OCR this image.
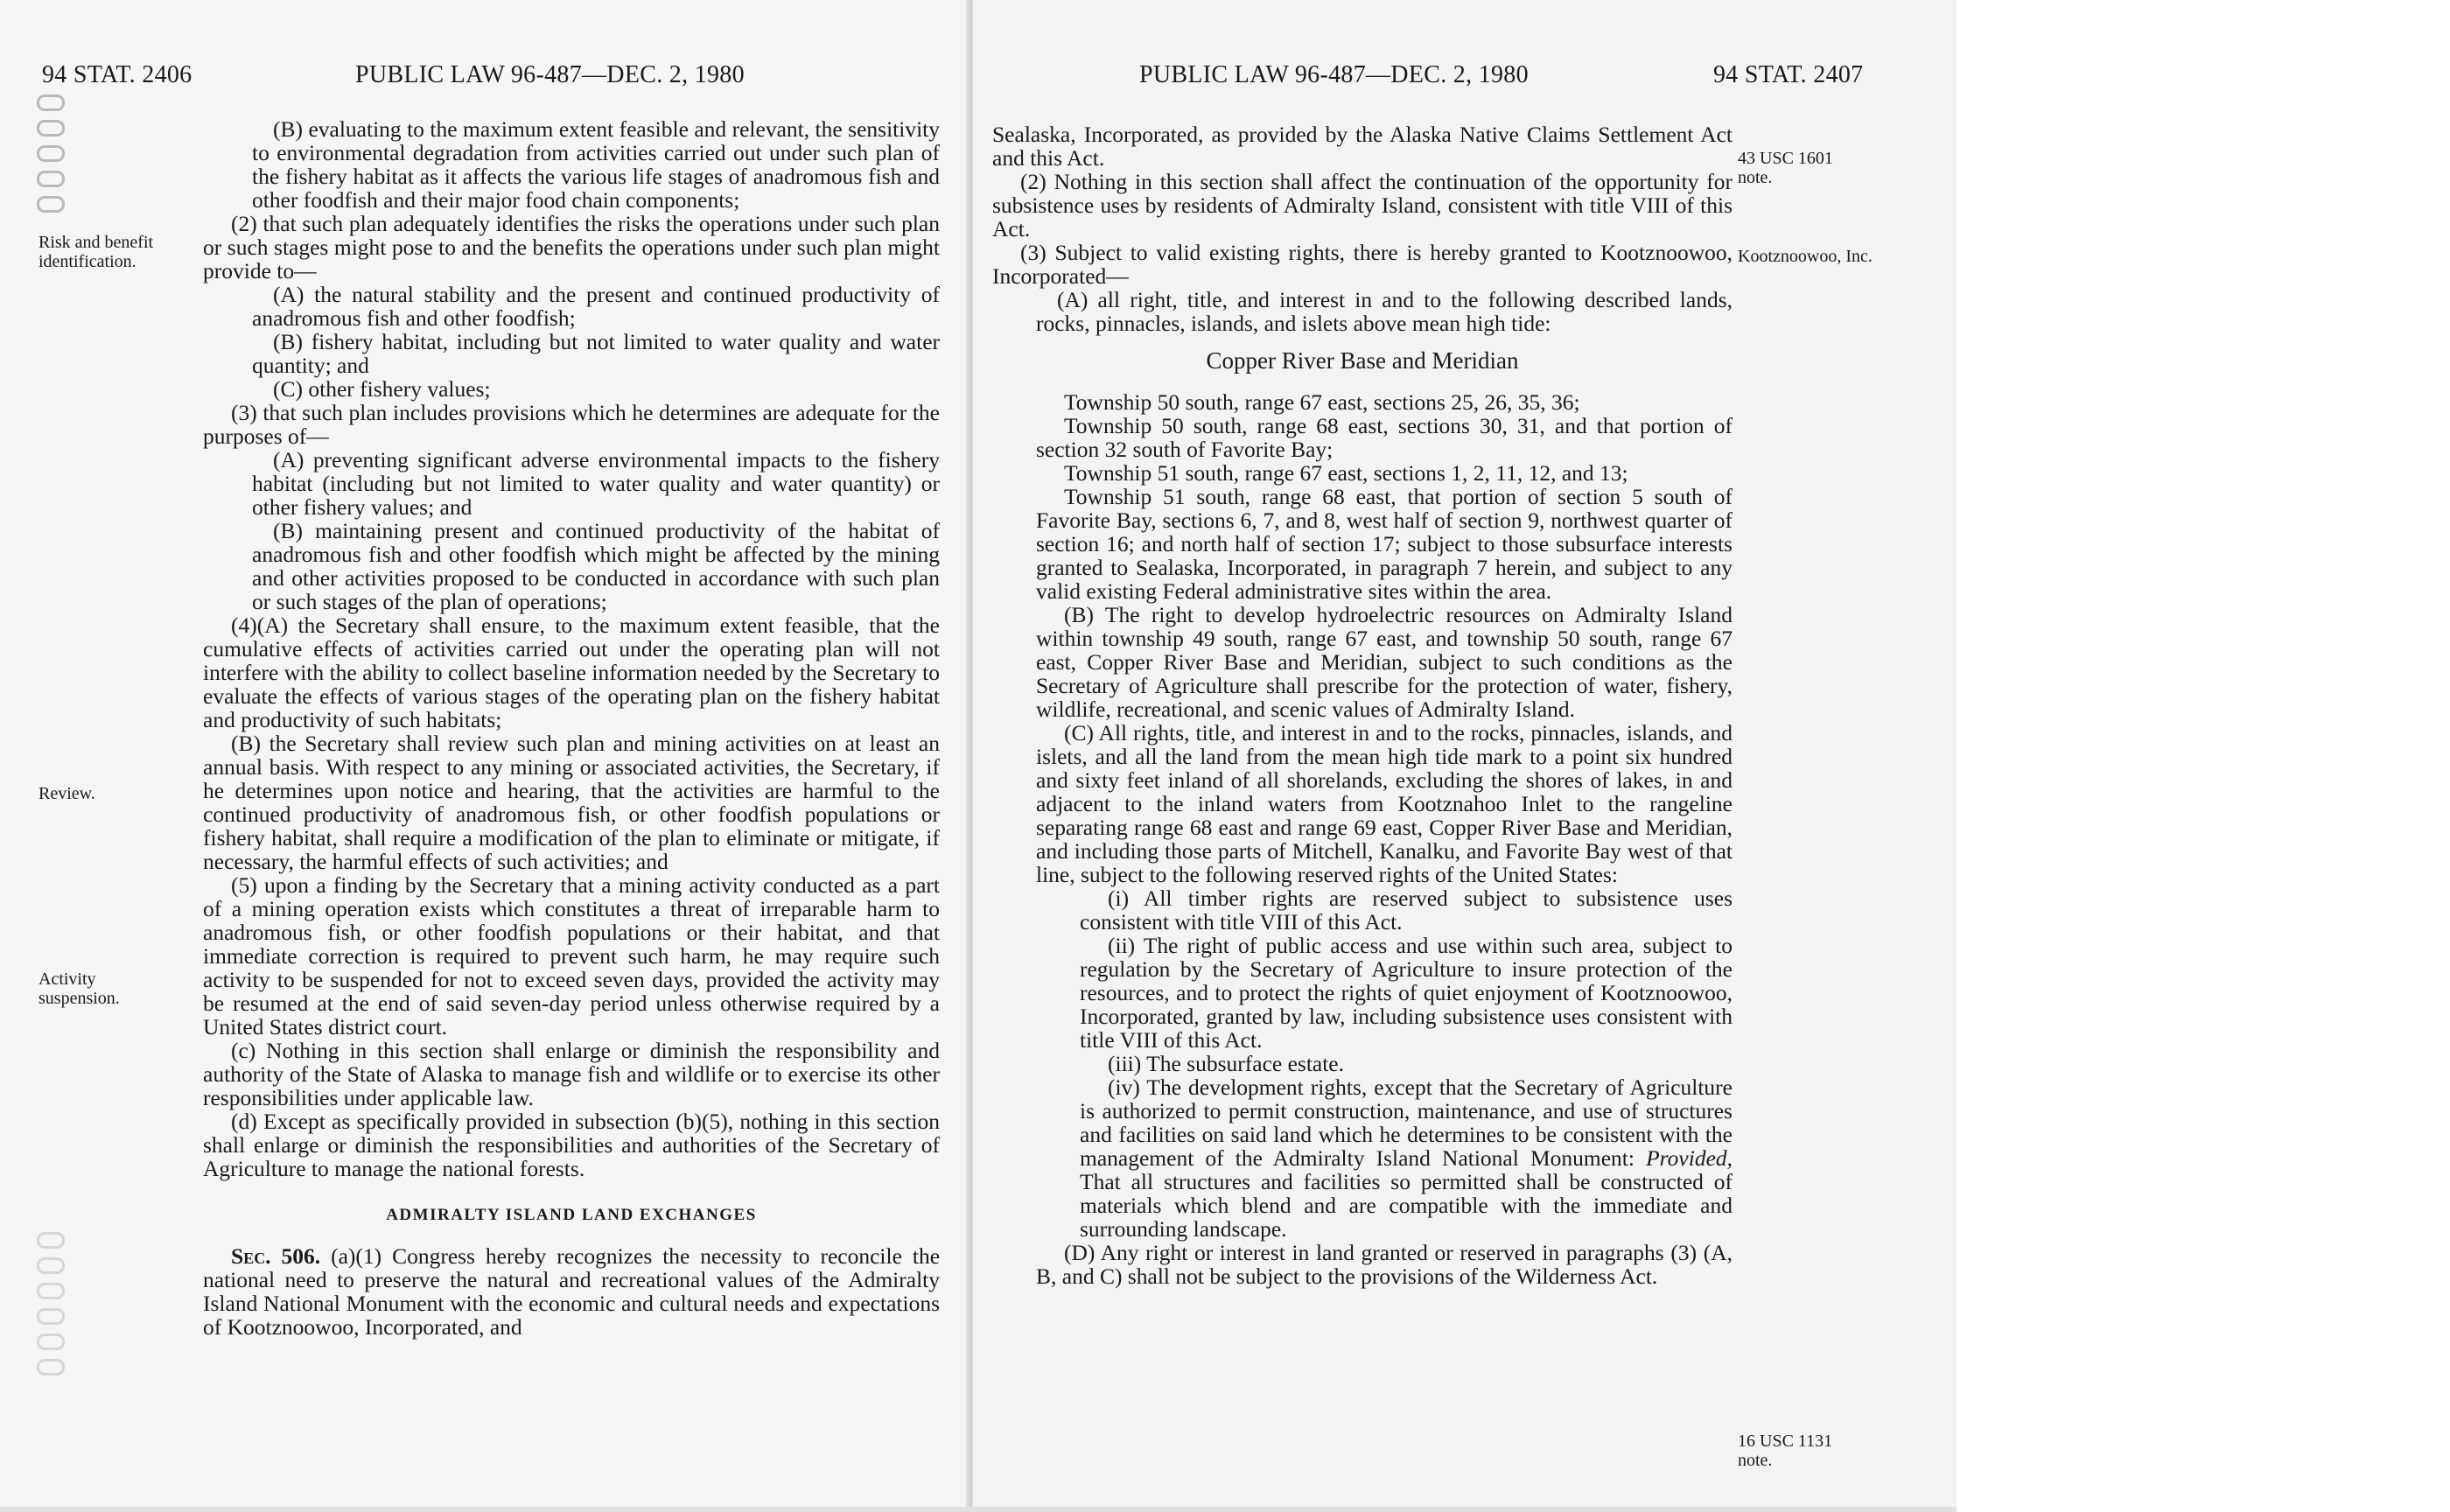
94 STAT. 2406	PUBLIC LAW 96-487—DEC. 2, 1980
Risk and benefit identification.
Review.
Activity suspension.

(B) evaluating to the maximum extent feasible and relevant, the sensitivity to environmental degradation from activities carried out under such plan of the fishery habitat as it affects the various life stages of anadromous fish and other foodfish and their major food chain components;

(2) that such plan adequately identifies the risks the operations under such plan or such stages might pose to and the benefits the operations under such plan might provide to—

(A) the natural stability and the present and continued productivity of anadromous fish and other foodfish;

(B) fishery habitat, including but not limited to water quality and water quantity; and

(C) other fishery values;

(3) that such plan includes provisions which he determines are adequate for the purposes of—

(A) preventing significant adverse environmental impacts to the fishery habitat (including but not limited to water quality and water quantity) or other fishery values; and

(B) maintaining present and continued productivity of the habitat of anadromous fish and other foodfish which might be affected by the mining and other activities proposed to be conducted in accordance with such plan or such stages of the plan of operations;

(4)(A) the Secretary shall ensure, to the maximum extent feasible, that the cumulative effects of activities carried out under the operating plan will not interfere with the ability to collect baseline information needed by the Secretary to evaluate the effects of various stages of the operating plan on the fishery habitat and productivity of such habitats;

(B) the Secretary shall review such plan and mining activities on at least an annual basis. With respect to any mining or associated activities, the Secretary, if he determines upon notice and hearing, that the activities are harmful to the continued productivity of anadromous fish, or other foodfish populations or fishery habitat, shall require a modification of the plan to eliminate or mitigate, if necessary, the harmful effects of such activities; and

(5) upon a finding by the Secretary that a mining activity conducted as a part of a mining operation exists which constitutes a threat of irreparable harm to anadromous fish, or other foodfish populations or their habitat, and that immediate correction is required to prevent such harm, he may require such activity to be suspended for not to exceed seven days, provided the activity may be resumed at the end of said seven-day period unless otherwise required by a United States district court.

(c) Nothing in this section shall enlarge or diminish the responsibility and authority of the State of Alaska to manage fish and wildlife or to exercise its other responsibilities under applicable law.

(d) Except as specifically provided in subsection (b)(5), nothing in this section shall enlarge or diminish the responsibilities and authorities of the Secretary of Agriculture to manage the national forests.

ADMIRALTY ISLAND LAND EXCHANGES

Sec. 506. (a)(1) Congress hereby recognizes the necessity to reconcile the national need to preserve the natural and recreational values of the Admiralty Island National Monument with the economic and cultural needs and expectations of Kootznoowoo, Incorporated, and

PUBLIC LAW 96-487—DEC. 2, 1980	94 STAT. 2407
43 USC 1601 note.
Kootznoowoo, Inc.
16 USC 1131 note.

Sealaska, Incorporated, as provided by the Alaska Native Claims Settlement Act and this Act.

(2) Nothing in this section shall affect the continuation of the opportunity for subsistence uses by residents of Admiralty Island, consistent with title VIII of this Act.

(3) Subject to valid existing rights, there is hereby granted to Kootznoowoo, Incorporated—

(A) all right, title, and interest in and to the following described lands, rocks, pinnacles, islands, and islets above mean high tide:

Copper River Base and Meridian

Township 50 south, range 67 east, sections 25, 26, 35, 36;

Township 50 south, range 68 east, sections 30, 31, and that portion of section 32 south of Favorite Bay;

Township 51 south, range 67 east, sections 1, 2, 11, 12, and 13;

Township 51 south, range 68 east, that portion of section 5 south of Favorite Bay, sections 6, 7, and 8, west half of section 9, northwest quarter of section 16; and north half of section 17; subject to those subsurface interests granted to Sealaska, Incorporated, in paragraph 7 herein, and subject to any valid existing Federal administrative sites within the area.

(B) The right to develop hydroelectric resources on Admiralty Island within township 49 south, range 67 east, and township 50 south, range 67 east, Copper River Base and Meridian, subject to such conditions as the Secretary of Agriculture shall prescribe for the protection of water, fishery, wildlife, recreational, and scenic values of Admiralty Island.

(C) All rights, title, and interest in and to the rocks, pinnacles, islands, and islets, and all the land from the mean high tide mark to a point six hundred and sixty feet inland of all shorelands, excluding the shores of lakes, in and adjacent to the inland waters from Kootznahoo Inlet to the rangeline separating range 68 east and range 69 east, Copper River Base and Meridian, and including those parts of Mitchell, Kanalku, and Favorite Bay west of that line, subject to the following reserved rights of the United States:

(i) All timber rights are reserved subject to subsistence uses consistent with title VIII of this Act.

(ii) The right of public access and use within such area, subject to regulation by the Secretary of Agriculture to insure protection of the resources, and to protect the rights of quiet enjoyment of Kootznoowoo, Incorporated, granted by law, including subsistence uses consistent with title VIII of this Act.

(iii) The subsurface estate.

(iv) The development rights, except that the Secretary of Agriculture is authorized to permit construction, maintenance, and use of structures and facilities on said land which he determines to be consistent with the management of the Admiralty Island National Monument: Provided, That all structures and facilities so permitted shall be constructed of materials which blend and are compatible with the immediate and surrounding landscape.

(D) Any right or interest in land granted or reserved in paragraphs (3) (A, B, and C) shall not be subject to the provisions of the Wilderness Act.
